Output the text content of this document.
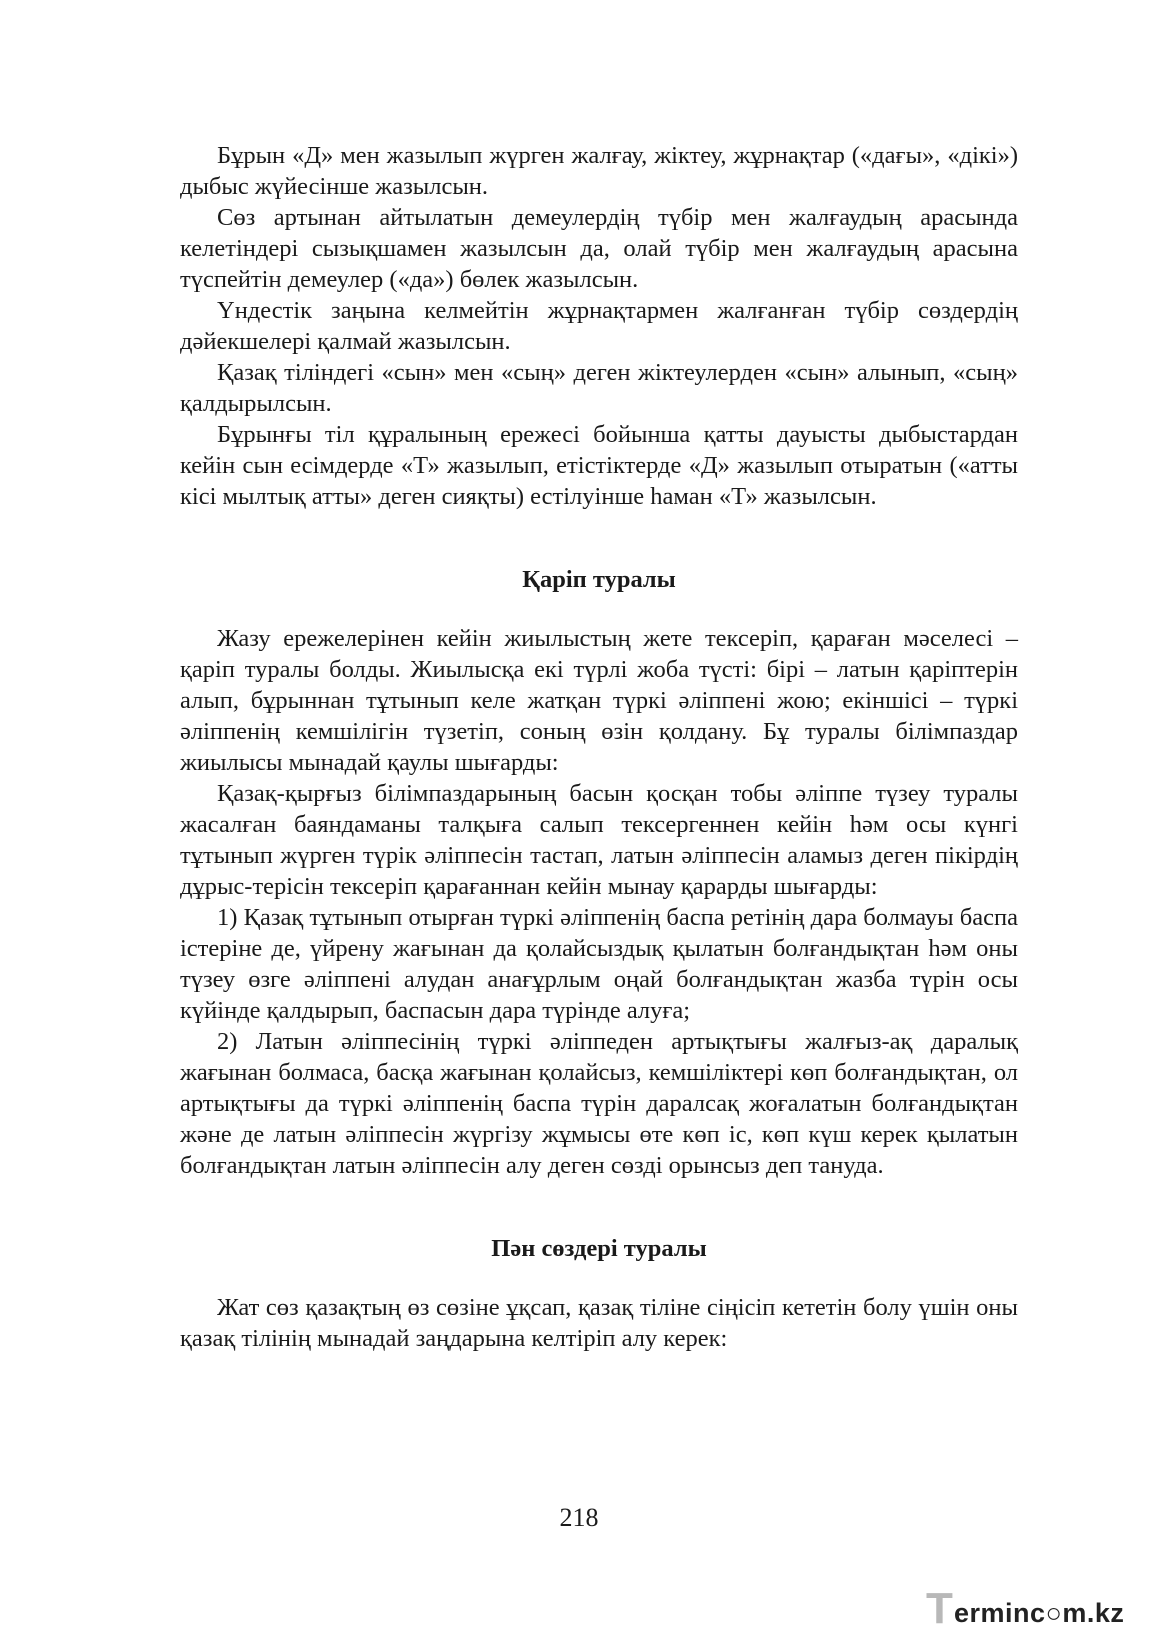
Бұрын «Д» мен жазылып жүрген жалғау, жіктеу, жұрнақтар («дағы», «дікі») дыбыс жүйесінше жазылсын.

Сөз артынан айтылатын демеулердің түбір мен жалғаудың арасында келетіндері сызықшамен жазылсын да, олай түбір мен жалғаудың арасына түспейтін демеулер («да») бөлек жазылсын.

Үндестік заңына келмейтін жұрнақтармен жалғанған түбір сөздердің дәйекшелері қалмай жазылсын.

Қазақ тіліндегі «сын» мен «сың» деген жіктеулерден «сын» алынып, «сың» қалдырылсын.

Бұрынғы тіл құралының ережесі бойынша қатты дауысты дыбыстардан кейін сын есімдерде «Т» жазылып, етістіктерде «Д» жазылып отыратын («атты кісі мылтық атты» деген сияқты) естілуінше һаман «Т» жазылсын.

Қаріп туралы

Жазу ережелерінен кейін жиылыстың жете тексеріп, қараған мәселесі – қаріп туралы болды. Жиылысқа екі түрлі жоба түсті: бірі – латын қаріптерін алып, бұрыннан тұтынып келе жатқан түркі әліппені жою; екіншісі – түркі әліппенің кемшілігін түзетіп, соның өзін қолдану. Бұ туралы білімпаздар жиылысы мынадай қаулы шығарды:

Қазақ-қырғыз білімпаздарының басын қосқан тобы әліппе түзеу туралы жасалған баяндаманы талқыға салып тексергеннен кейін һәм осы күнгі тұтынып жүрген түрік әліппесін тастап, латын әліппесін аламыз деген пікірдің дұрыс-терісін тексеріп қарағаннан кейін мынау қарарды шығарды:

1) Қазақ тұтынып отырған түркі әліппенің баспа ретінің дара болмауы баспа істеріне де, үйрену жағынан да қолайсыздық қылатын болғандықтан һәм оны түзеу өзге әліппені алудан анағұрлым оңай болғандықтан жазба түрін осы күйінде қалдырып, баспасын дара түрінде алуға;

2) Латын әліппесінің түркі әліппеден артықтығы жалғыз-ақ даралық жағынан болмаса, басқа жағынан қолайсыз, кемшіліктері көп болғандықтан, ол артықтығы да түркі әліппенің баспа түрін даралсақ жоғалатын болғандықтан және де латын әліппесін жүргізу жұмысы өте көп іс, көп күш керек қылатын болғандықтан латын әліппесін алу деген сөзді орынсыз деп тануда.

Пән сөздері туралы

Жат сөз қазақтың өз сөзіне ұқсап, қазақ тіліне сіңісіп кететін болу үшін оны қазақ тілінің мынадай заңдарына келтіріп алу керек:

218
T erminc○m.kz
